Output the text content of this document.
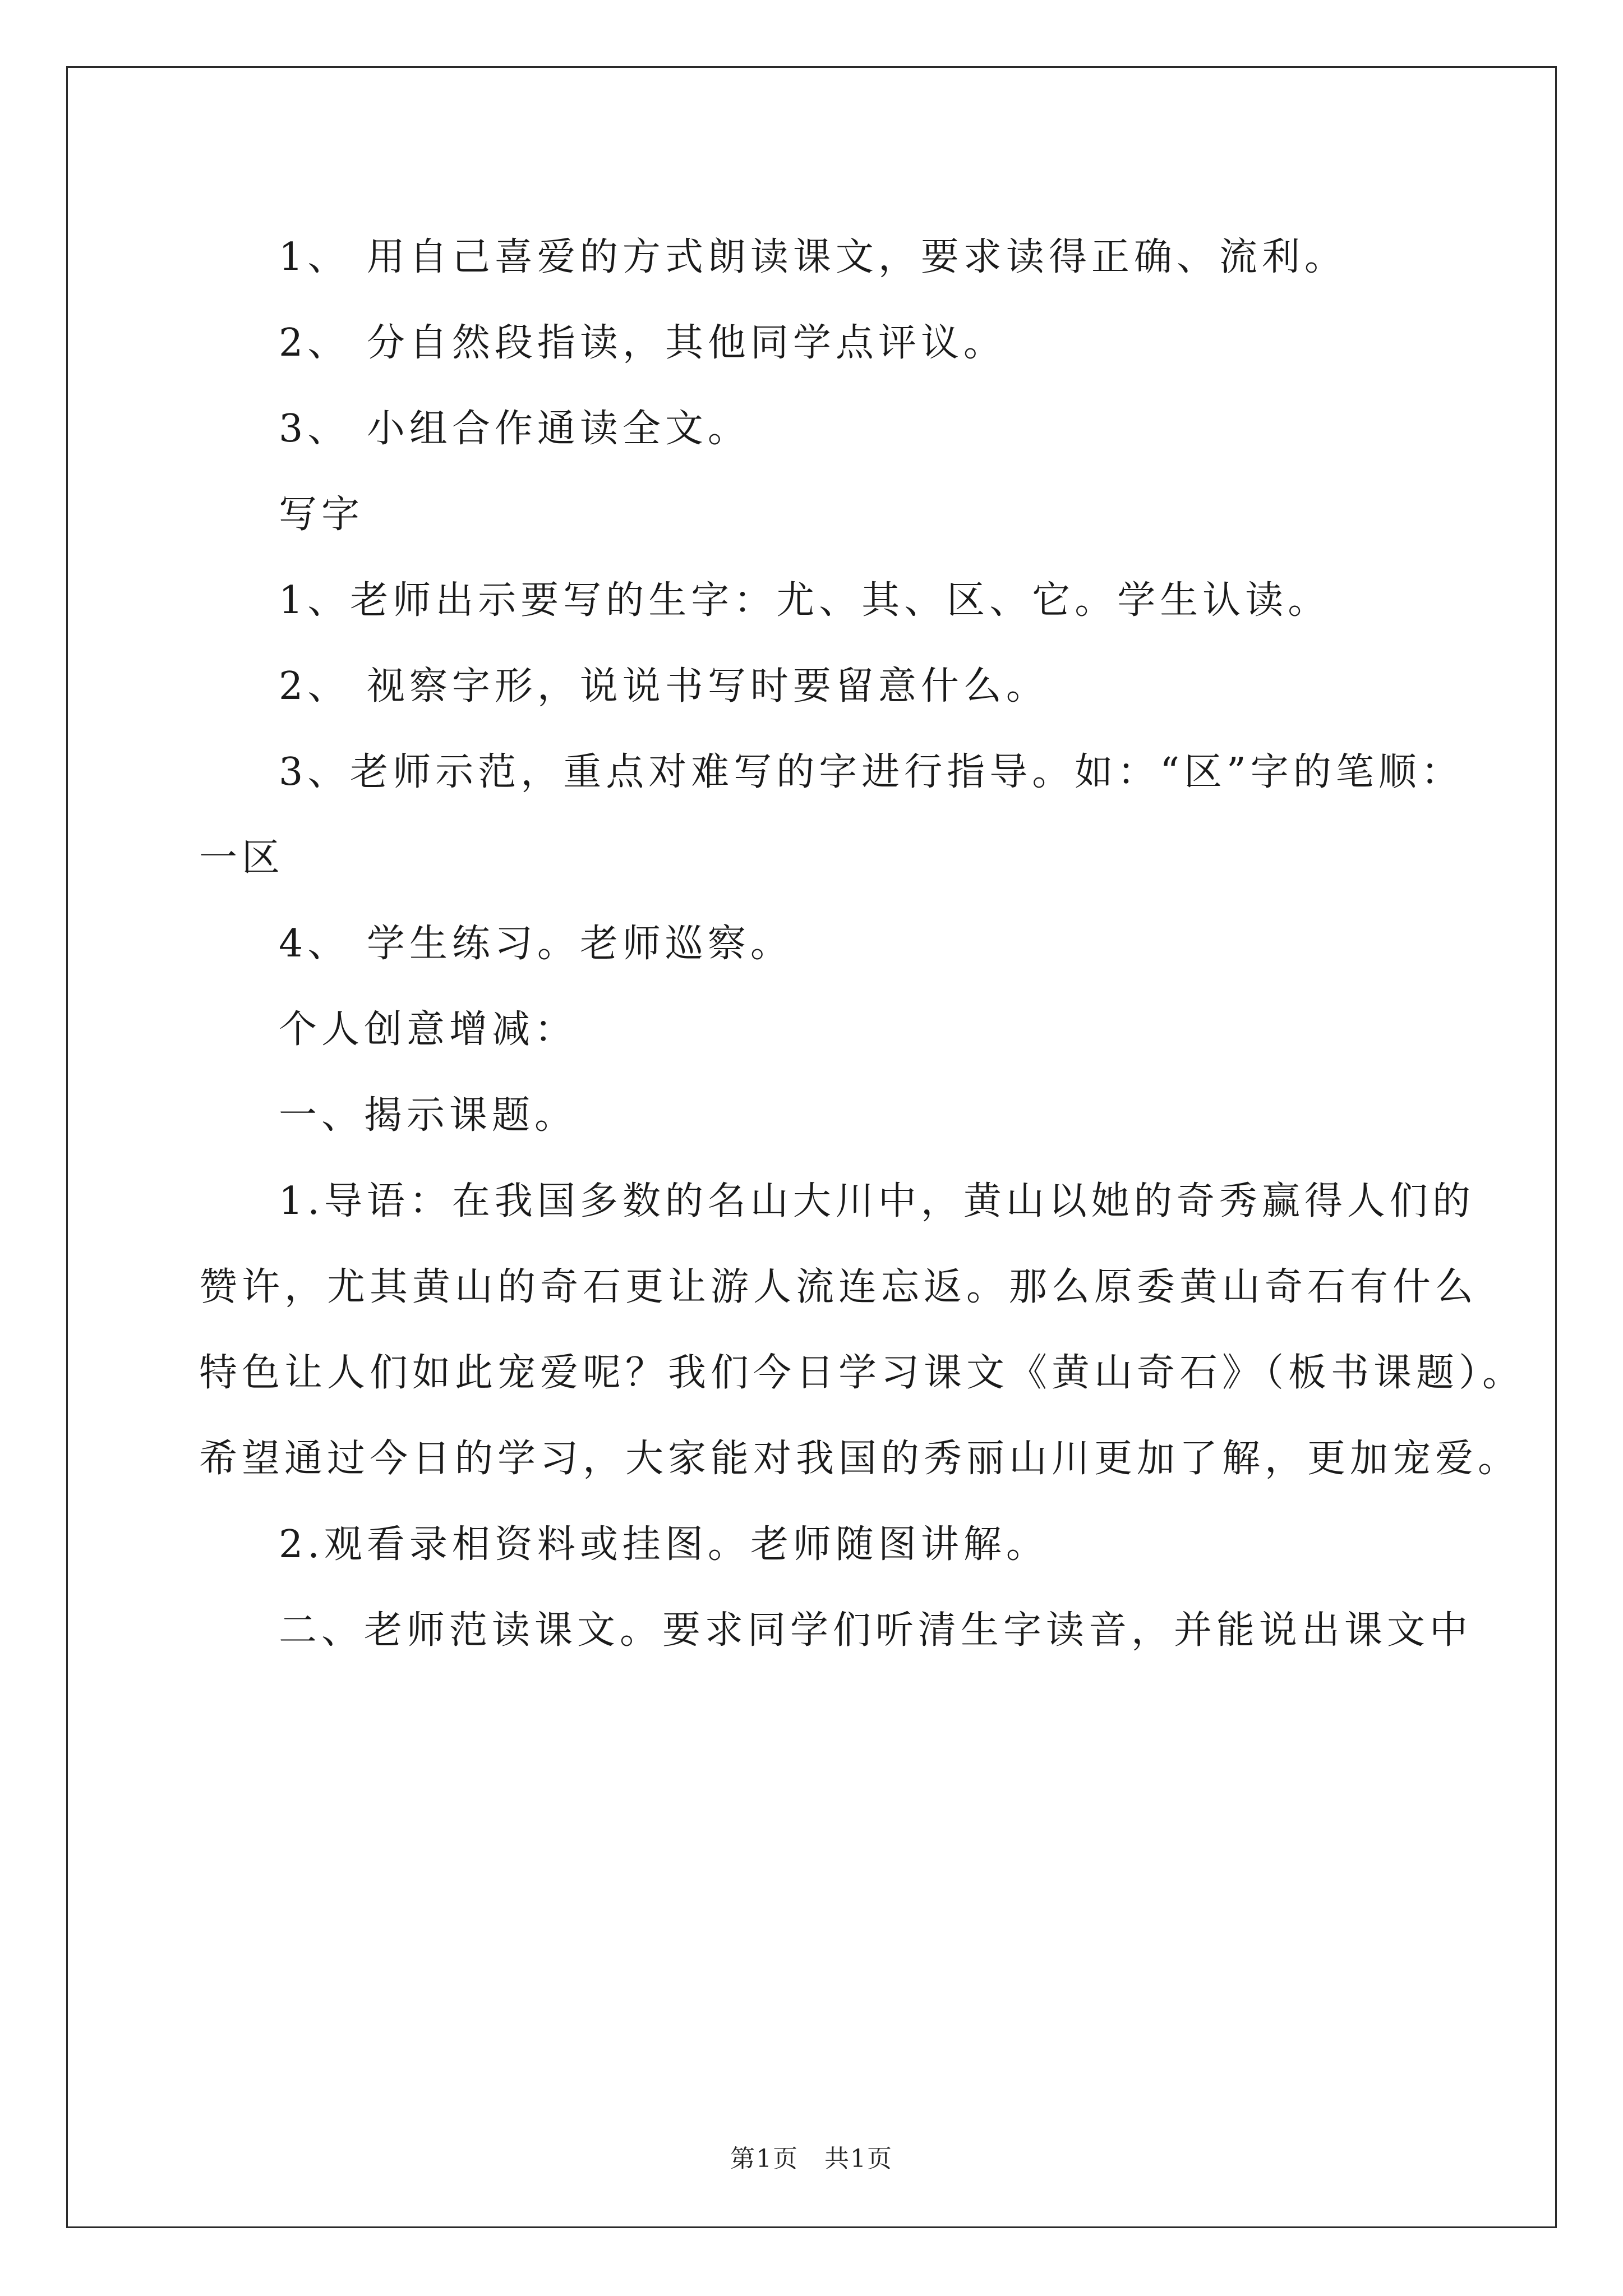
1、 用自己喜爱的方式朗读课文，要求读得正确、流利。

2、 分自然段指读，其他同学点评议。

3、 小组合作通读全文。

写字

1、老师出示要写的生字：尤、其、区、它。学生认读。

2、 视察字形，说说书写时要留意什么。

3、老师示范，重点对难写的字进行指导。如：“区”字的笔顺：

一区

4、 学生练习。老师巡察。

个人创意增减：

一、揭示课题。

1.导语：在我国多数的名山大川中，黄山以她的奇秀赢得人们的

赞许，尤其黄山的奇石更让游人流连忘返。那么原委黄山奇石有什么

特色让人们如此宠爱呢？我们今日学习课文《黄山奇石》（板书课题）。

希望通过今日的学习，大家能对我国的秀丽山川更加了解，更加宠爱。

2.观看录相资料或挂图。老师随图讲解。

二、老师范读课文。要求同学们听清生字读音，并能说出课文中

第1页　共1页
